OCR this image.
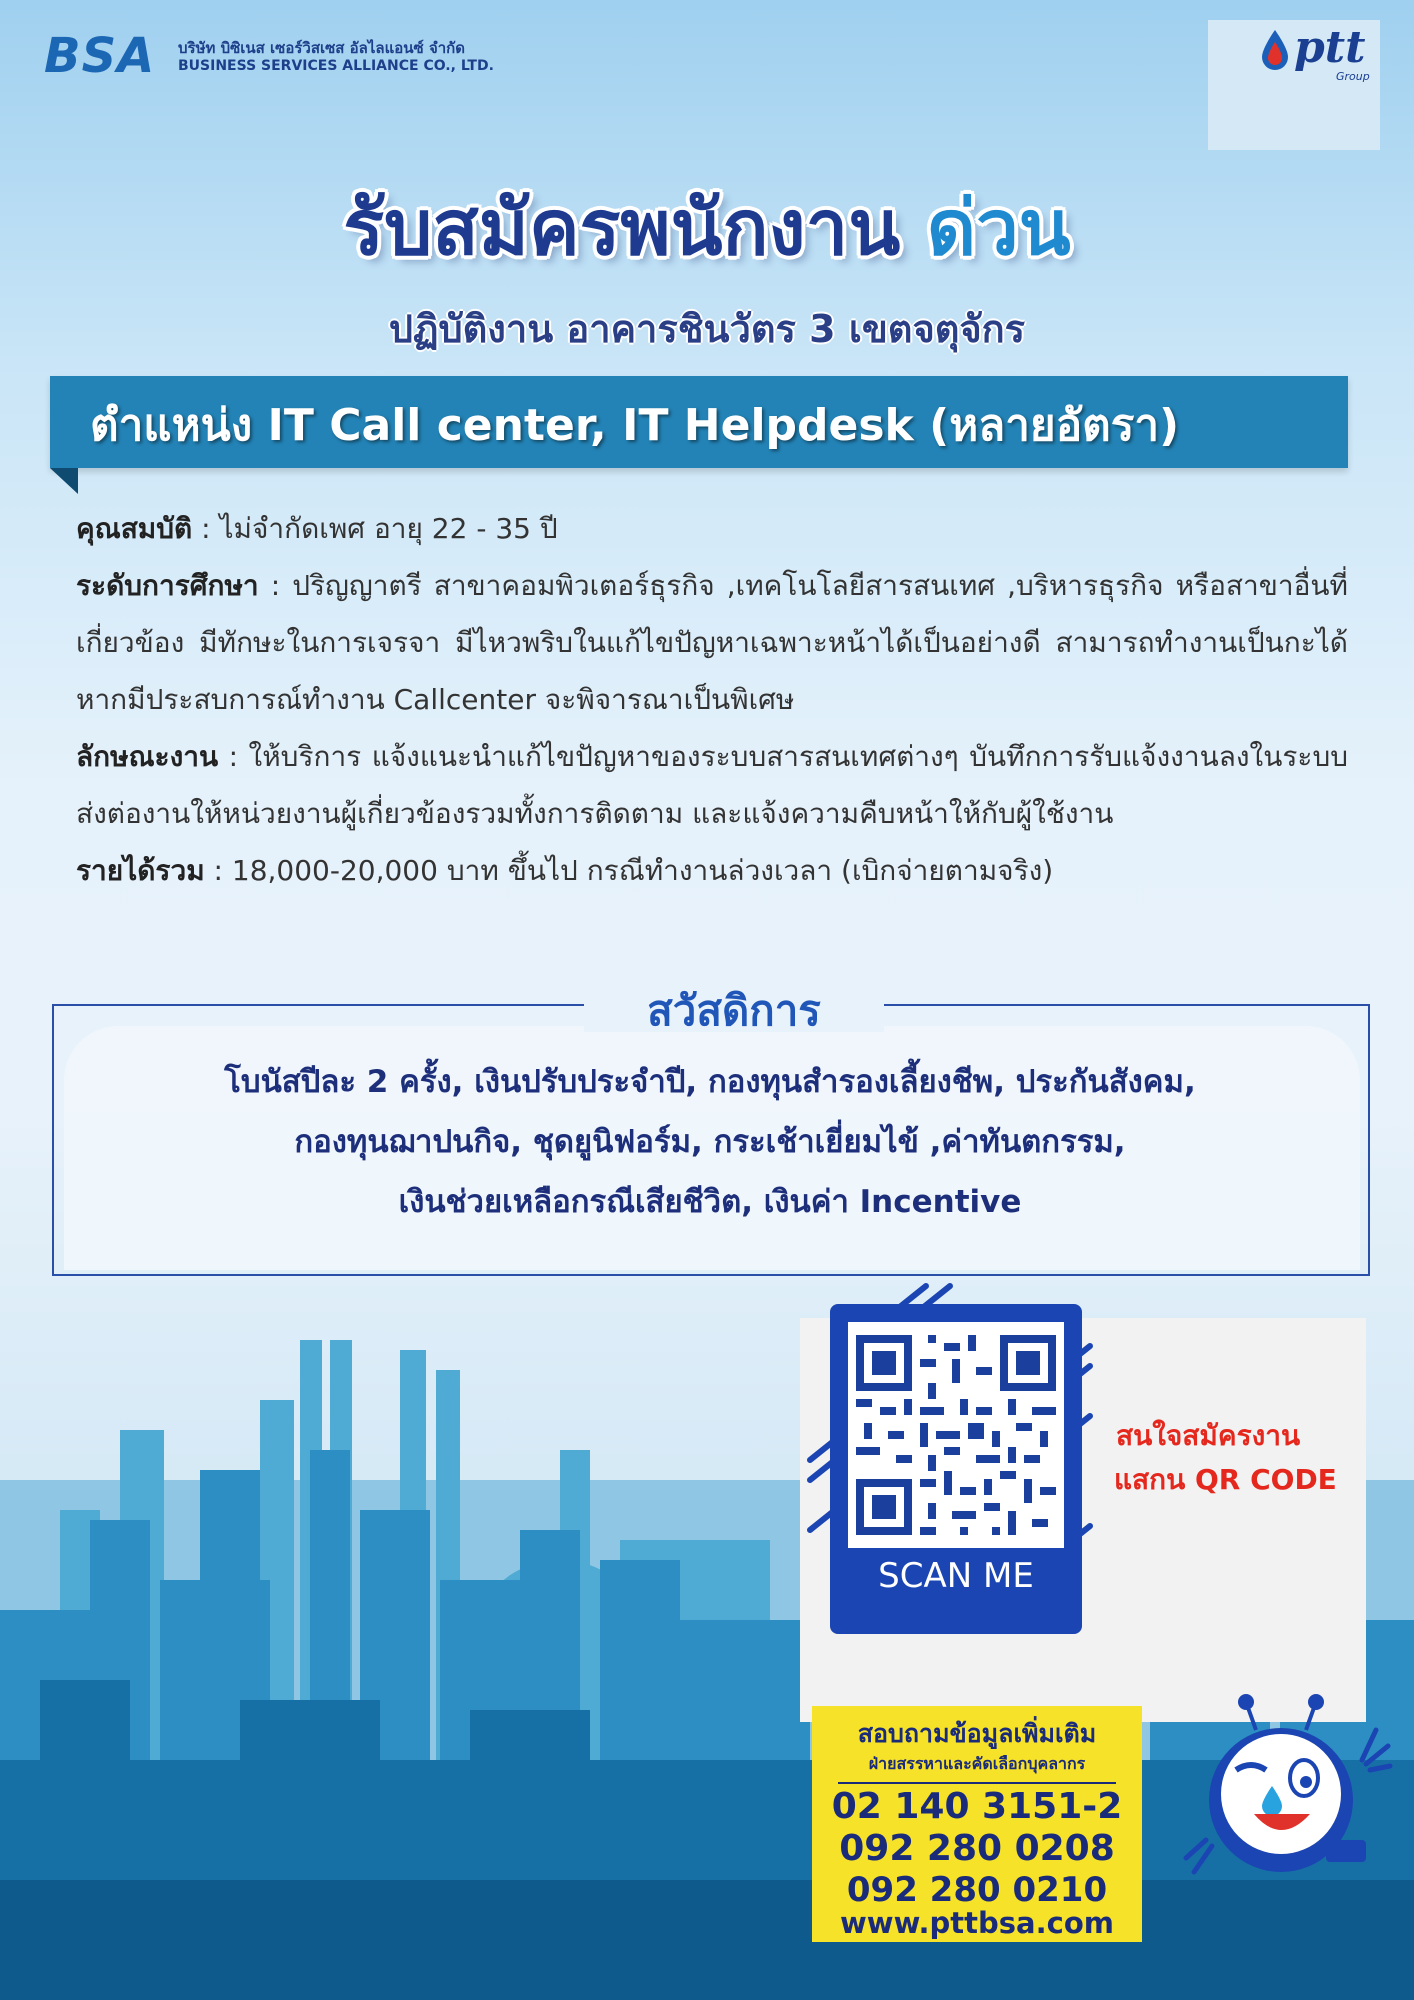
BSA บริษัท บิซิเนส เซอร์วิสเซส อัลไลแอนซ์ จำกัด
BUSINESS SERVICES ALLIANCE CO., LTD.	ptt
Group
รับสมัครพนักงาน ด่วน
ปฏิบัติงาน อาคารชินวัตร 3 เขตจตุจักร
ตำแหน่ง IT Call center, IT Helpdesk (หลายอัตรา)

คุณสมบัติ : ไม่จำกัดเพศ อายุ 22 - 35 ปี

ระดับการศึกษา : ปริญญาตรี สาขาคอมพิวเตอร์ธุรกิจ ,เทคโนโลยีสารสนเทศ ,บริหารธุรกิจ หรือสาขาอื่นที่เกี่ยวข้อง มีทักษะในการเจรจา มีไหวพริบในแก้ไขปัญหาเฉพาะหน้าได้เป็นอย่างดี สามารถทำงานเป็นกะได้ หากมีประสบการณ์ทำงาน Callcenter จะพิจารณาเป็นพิเศษ

ลักษณะงาน : ให้บริการ แจ้งแนะนำแก้ไขปัญหาของระบบสารสนเทศต่างๆ บันทึกการรับแจ้งงานลงในระบบ ส่งต่องานให้หน่วยงานผู้เกี่ยวข้องรวมทั้งการติดตาม และแจ้งความคืบหน้าให้กับผู้ใช้งาน

รายได้รวม : 18,000-20,000 บาท ขึ้นไป กรณีทำงานล่วงเวลา (เบิกจ่ายตามจริง)

สวัสดิการ
โบนัสปีละ 2 ครั้ง, เงินปรับประจำปี, กองทุนสำรองเลี้ยงชีพ, ประกันสังคม,
กองทุนฌาปนกิจ, ชุดยูนิฟอร์ม, กระเช้าเยี่ยมไข้ ,ค่าทันตกรรม,
เงินช่วยเหลือกรณีเสียชีวิต, เงินค่า Incentive
SCAN ME
สนใจสมัครงาน
แสกน QR CODE
สอบถามข้อมูลเพิ่มเติม
ฝ่ายสรรหาและคัดเลือกบุคลากร
02 140 3151-2
092 280 0208
092 280 0210
www.pttbsa.com
